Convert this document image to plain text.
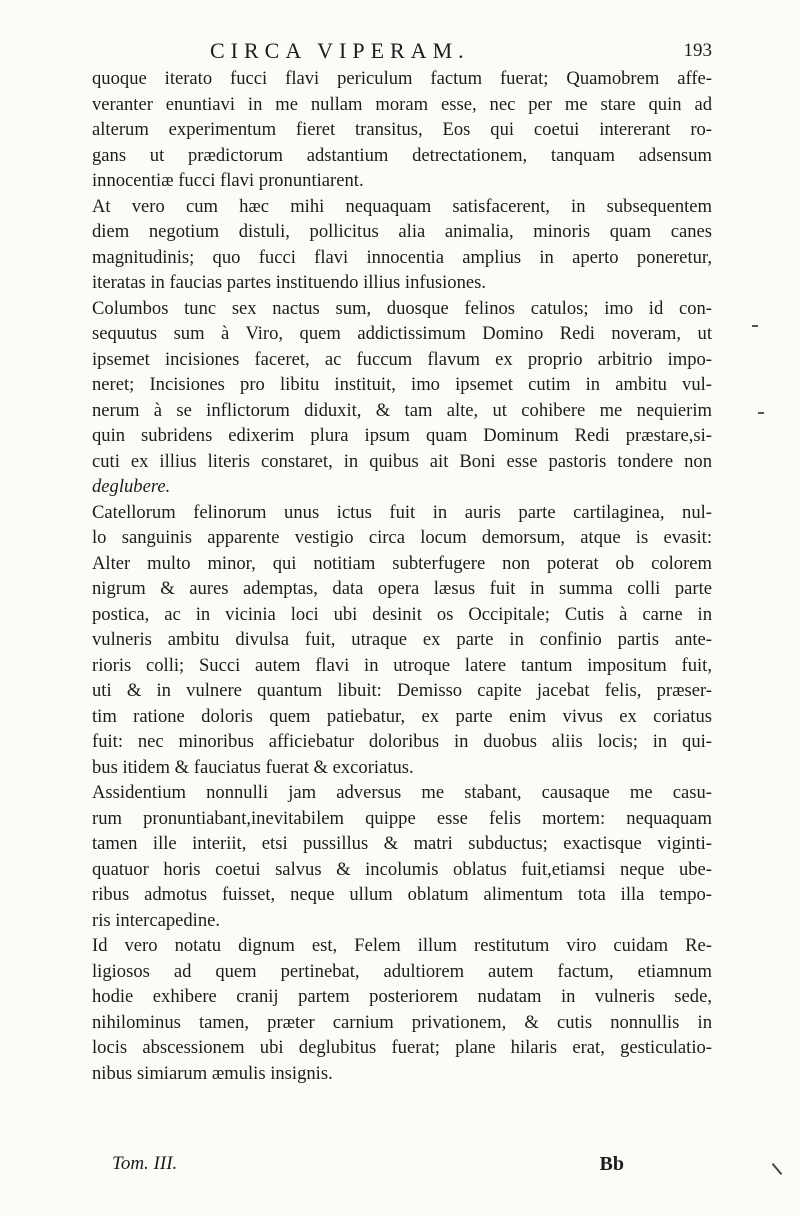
CIRCA VIPERAM.	193
quoque iterato fucci flavi periculum factum fuerat; Quamobrem affe-
veranter enuntiavi in me nullam moram esse, nec per me stare quin ad
alterum experimentum fieret transitus, Eos qui coetui intererant ro-
gans ut prædictorum adstantium detrectationem, tanquam adsensum
innocentiæ fucci flavi pronuntiarent.
At vero cum hæc mihi nequaquam satisfacerent, in subsequentem
diem negotium distuli, pollicitus alia animalia, minoris quam canes
magnitudinis; quo fucci flavi innocentia amplius in aperto poneretur,
iteratas in faucias partes instituendo illius infusiones.
Columbos tunc sex nactus sum, duosque felinos catulos; imo id con-
sequutus sum à Viro, quem addictissimum Domino Redi noveram, ut
ipsemet incisiones faceret, ac fuccum flavum ex proprio arbitrio impo-
neret; Incisiones pro libitu instituit, imo ipsemet cutim in ambitu vul-
nerum à se inflictorum diduxit, & tam alte, ut cohibere me nequierim
quin subridens edixerim plura ipsum quam Dominum Redi præstare,si-
cuti ex illius literis constaret, in quibus ait Boni esse pastoris tondere non
deglubere.
Catellorum felinorum unus ictus fuit in auris parte cartilaginea, nul-
lo sanguinis apparente vestigio circa locum demorsum, atque is evasit:
Alter multo minor, qui notitiam subterfugere non poterat ob colorem
nigrum & aures ademptas, data opera læsus fuit in summa colli parte
postica, ac in vicinia loci ubi desinit os Occipitale; Cutis à carne in
vulneris ambitu divulsa fuit, utraque ex parte in confinio partis ante-
rioris colli; Succi autem flavi in utroque latere tantum impositum fuit,
uti & in vulnere quantum libuit: Demisso capite jacebat felis, præser-
tim ratione doloris quem patiebatur, ex parte enim vivus ex coriatus
fuit: nec minoribus afficiebatur doloribus in duobus aliis locis; in qui-
bus itidem & fauciatus fuerat & excoriatus.
Assidentium nonnulli jam adversus me stabant, causaque me casu-
rum pronuntiabant,inevitabilem quippe esse felis mortem: nequaquam
tamen ille interiit, etsi pussillus & matri subductus; exactisque viginti-
quatuor horis coetui salvus & incolumis oblatus fuit,etiamsi neque ube-
ribus admotus fuisset, neque ullum oblatum alimentum tota illa tempo-
ris intercapedine.
Id vero notatu dignum est, Felem illum restitutum viro cuidam Re-
ligiosos ad quem pertinebat, adultiorem autem factum, etiamnum
hodie exhibere cranij partem posteriorem nudatam in vulneris sede,
nihilominus tamen, præter carnium privationem, & cutis nonnullis in
locis abscessionem ubi deglubitus fuerat; plane hilaris erat, gesticulatio-
nibus simiarum æmulis insignis.
Tom. III.	Bb
